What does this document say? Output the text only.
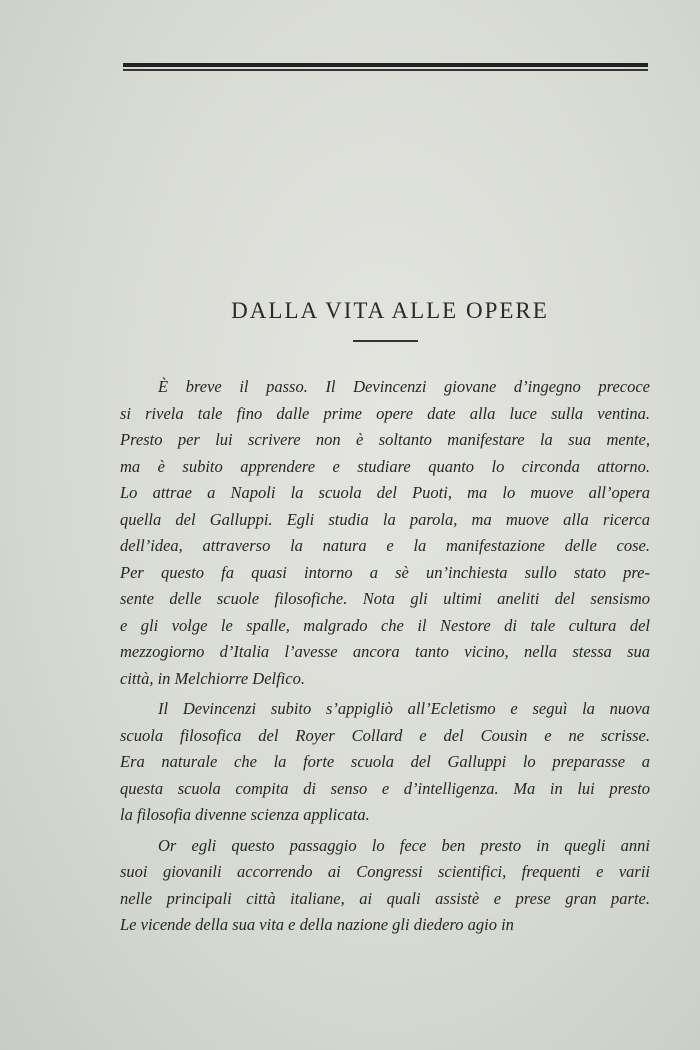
DALLA VITA ALLE OPERE
È breve il passo. Il Devincenzi giovane d’ingegno precoce
si rivela tale fino dalle prime opere date alla luce sulla ventina.
Presto per lui scrivere non è soltanto manifestare la sua mente,
ma è subito apprendere e studiare quanto lo circonda attorno.
Lo attrae a Napoli la scuola del Puoti, ma lo muove all’opera
quella del Galluppi. Egli studia la parola, ma muove alla ricerca
dell’idea, attraverso la natura e la manifestazione delle cose.
Per questo fa quasi intorno a sè un’inchiesta sullo stato pre-
sente delle scuole filosofiche. Nota gli ultimi aneliti del sensismo
e gli volge le spalle, malgrado che il Nestore di tale cultura del
mezzogiorno d’Italia l’avesse ancora tanto vicino, nella stessa sua
città, in Melchiorre Delfico.
Il Devincenzi subito s’appigliò all’Ecletismo e seguì la nuova
scuola filosofica del Royer Collard e del Cousin e ne scrisse.
Era naturale che la forte scuola del Galluppi lo preparasse a
questa scuola compita di senso e d’intelligenza. Ma in lui presto
la filosofia divenne scienza applicata.
Or egli questo passaggio lo fece ben presto in quegli anni
suoi giovanili accorrendo ai Congressi scientifici, frequenti e varii
nelle principali città italiane, ai quali assistè e prese gran parte.
Le vicende della sua vita e della nazione gli diedero agio in
